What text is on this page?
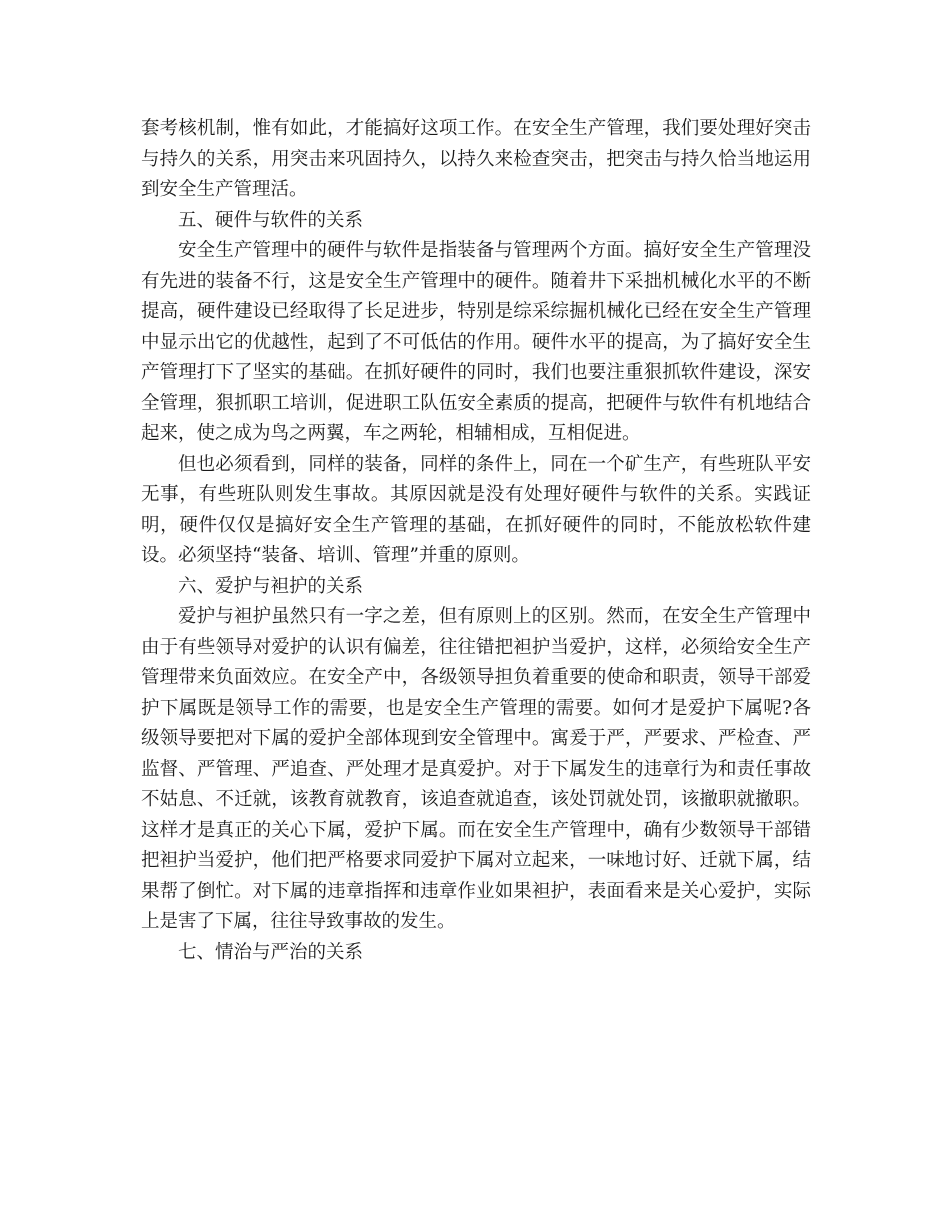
套考核机制，惟有如此，才能搞好这项工作。在安全生产管理，我们要处理好突击与持久的关系，用突击来巩固持久，以持久来检查突击，把突击与持久恰当地运用到安全生产管理活。

五、硬件与软件的关系

安全生产管理中的硬件与软件是指装备与管理两个方面。搞好安全生产管理没有先进的装备不行，这是安全生产管理中的硬件。随着井下采拙机械化水平的不断提高，硬件建设已经取得了长足进步，特别是综采综掘机械化已经在安全生产管理中显示出它的优越性，起到了不可低估的作用。硬件水平的提高，为了搞好安全生产管理打下了坚实的基础。在抓好硬件的同时，我们也要注重狠抓软件建设，深安全管理，狠抓职工培训，促进职工队伍安全素质的提高，把硬件与软件有机地结合起来，使之成为鸟之两翼，车之两轮，相辅相成，互相促进。

但也必须看到，同样的装备，同样的条件上，同在一个矿生产，有些班队平安无事，有些班队则发生事故。其原因就是没有处理好硬件与软件的关系。实践证明，硬件仅仅是搞好安全生产管理的基础，在抓好硬件的同时，不能放松软件建设。必须坚持“装备、培训、管理”并重的原则。

六、爱护与袒护的关系

爱护与袒护虽然只有一字之差，但有原则上的区别。然而，在安全生产管理中由于有些领导对爱护的认识有偏差，往往错把袒护当爱护，这样，必须给安全生产管理带来负面效应。在安全产中，各级领导担负着重要的使命和职责，领导干部爱护下属既是领导工作的需要，也是安全生产管理的需要。如何才是爱护下属呢?各级领导要把对下属的爱护全部体现到安全管理中。寓爰于严，严要求、严检查、严监督、严管理、严追查、严处理才是真爱护。对于下属发生的违章行为和责任事故不姑息、不迁就，该教育就教育，该追查就追查，该处罚就处罚，该撤职就撤职。这样才是真正的关心下属，爱护下属。而在安全生产管理中，确有少数领导干部错把袒护当爱护，他们把严格要求同爱护下属对立起来，一味地讨好、迁就下属，结果帮了倒忙。对下属的违章指挥和违章作业如果袒护，表面看来是关心爱护，实际上是害了下属，往往导致事故的发生。

七、情治与严治的关系
